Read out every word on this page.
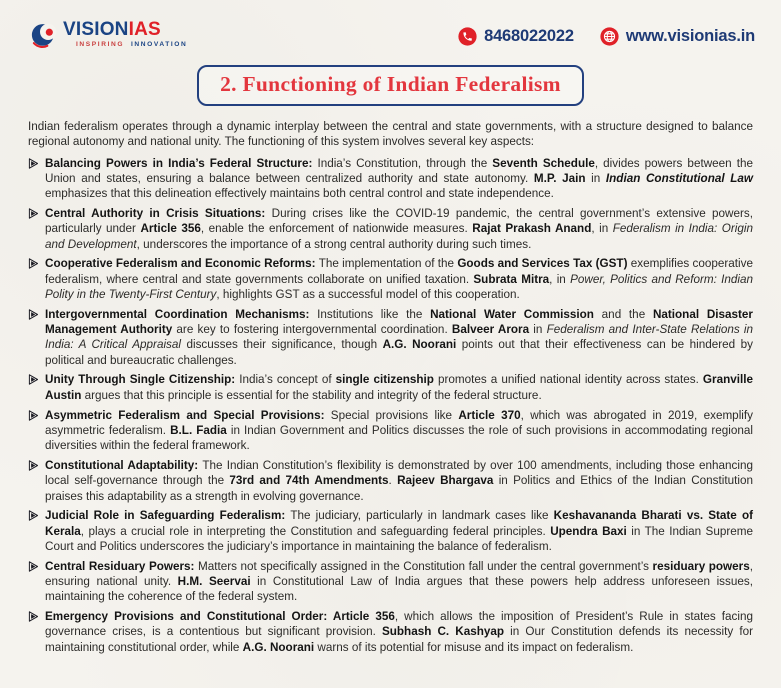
VISIONIAS
INSPIRING INNOVATION	8468022022	www.visionias.in
2. Functioning of Indian Federalism

Indian federalism operates through a dynamic interplay between the central and state governments, with a structure designed to balance regional autonomy and national unity. The functioning of this system involves several key aspects:

Balancing Powers in India’s Federal Structure: India’s Constitution, through the Seventh Schedule, divides powers between the Union and states, ensuring a balance between centralized authority and state autonomy. M.P. Jain in Indian Constitutional Law emphasizes that this delineation effectively maintains both central control and state independence.
Central Authority in Crisis Situations: During crises like the COVID-19 pandemic, the central government’s extensive powers, particularly under Article 356, enable the enforcement of nationwide measures. Rajat Prakash Anand, in Federalism in India: Origin and Development, underscores the importance of a strong central authority during such times.
Cooperative Federalism and Economic Reforms: The implementation of the Goods and Services Tax (GST) exemplifies cooperative federalism, where central and state governments collaborate on unified taxation. Subrata Mitra, in Power, Politics and Reform: Indian Polity in the Twenty-First Century, highlights GST as a successful model of this cooperation.
Intergovernmental Coordination Mechanisms: Institutions like the National Water Commission and the National Disaster Management Authority are key to fostering intergovernmental coordination. Balveer Arora in Federalism and Inter-State Relations in India: A Critical Appraisal discusses their significance, though A.G. Noorani points out that their effectiveness can be hindered by political and bureaucratic challenges.
Unity Through Single Citizenship: India’s concept of single citizenship promotes a unified national identity across states. Granville Austin argues that this principle is essential for the stability and integrity of the federal structure.
Asymmetric Federalism and Special Provisions: Special provisions like Article 370, which was abrogated in 2019, exemplify asymmetric federalism. B.L. Fadia in Indian Government and Politics discusses the role of such provisions in accommodating regional diversities within the federal framework.
Constitutional Adaptability: The Indian Constitution’s flexibility is demonstrated by over 100 amendments, including those enhancing local self-governance through the 73rd and 74th Amendments. Rajeev Bhargava in Politics and Ethics of the Indian Constitution praises this adaptability as a strength in evolving governance.
Judicial Role in Safeguarding Federalism: The judiciary, particularly in landmark cases like Keshavananda Bharati vs. State of Kerala, plays a crucial role in interpreting the Constitution and safeguarding federal principles. Upendra Baxi in The Indian Supreme Court and Politics underscores the judiciary’s importance in maintaining the balance of federalism.
Central Residuary Powers: Matters not specifically assigned in the Constitution fall under the central government’s residuary powers, ensuring national unity. H.M. Seervai in Constitutional Law of India argues that these powers help address unforeseen issues, maintaining the coherence of the federal system.
Emergency Provisions and Constitutional Order: Article 356, which allows the imposition of President’s Rule in states facing governance crises, is a contentious but significant provision. Subhash C. Kashyap in Our Constitution defends its necessity for maintaining constitutional order, while A.G. Noorani warns of its potential for misuse and its impact on federalism.
